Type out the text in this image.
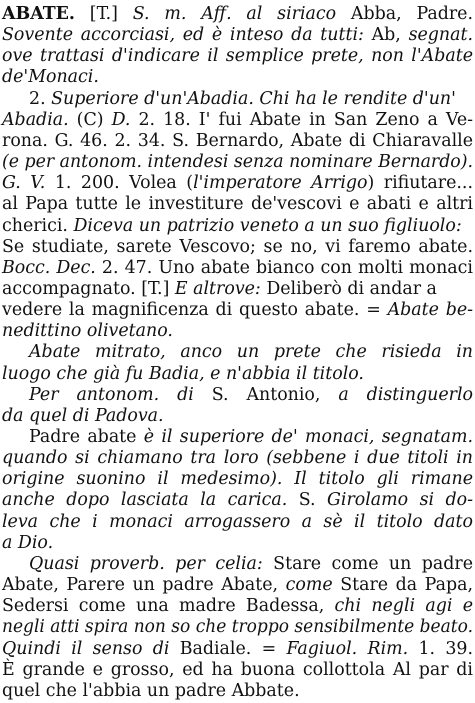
ABATE. [T.] S. m. Aff. al siriaco Abba, Padre.
Sovente accorciasi, ed è inteso da tutti: Ab, segnat.
ove trattasi d'indicare il semplice prete, non l'Abate
de'Monaci.
2. Superiore d'un'Abadia. Chi ha le rendite d'un'
Abadia. (C) D. 2. 18. I' fui Abate in San Zeno a Ve-
rona. G. 46. 2. 34. S. Bernardo, Abate di Chiaravalle
(e per antonom. intendesi senza nominare Bernardo).
G. V. 1. 200. Volea (l'imperatore Arrigo) rifiutare...
al Papa tutte le investiture de'vescovi e abati e altri
cherici. Diceva un patrizio veneto a un suo figliuolo:
Se studiate, sarete Vescovo; se no, vi faremo abate.
Bocc. Dec. 2. 47. Uno abate bianco con molti monaci
accompagnato. [T.] E altrove: Deliberò di andar a
vedere la magnificenza di questo abate. = Abate be-
nedittino olivetano.
Abate mitrato, anco un prete che risieda in
luogo che già fu Badia, e n'abbia il titolo.
Per antonom. di S. Antonio, a distinguerlo
da quel di Padova.
Padre abate è il superiore de' monaci, segnatam.
quando si chiamano tra loro (sebbene i due titoli in
origine suonino il medesimo). Il titolo gli rimane
anche dopo lasciata la carica. S. Girolamo si do-
leva che i monaci arrogassero a sè il titolo dato
a Dio.
Quasi proverb. per celia: Stare come un padre
Abate, Parere un padre Abate, come Stare da Papa,
Sedersi come una madre Badessa, chi negli agi e
negli atti spira non so che troppo sensibilmente beato.
Quindi il senso di Badiale. = Fagiuol. Rim. 1. 39.
È grande e grosso, ed ha buona collottola Al par di
quel che l'abbia un padre Abbate.
